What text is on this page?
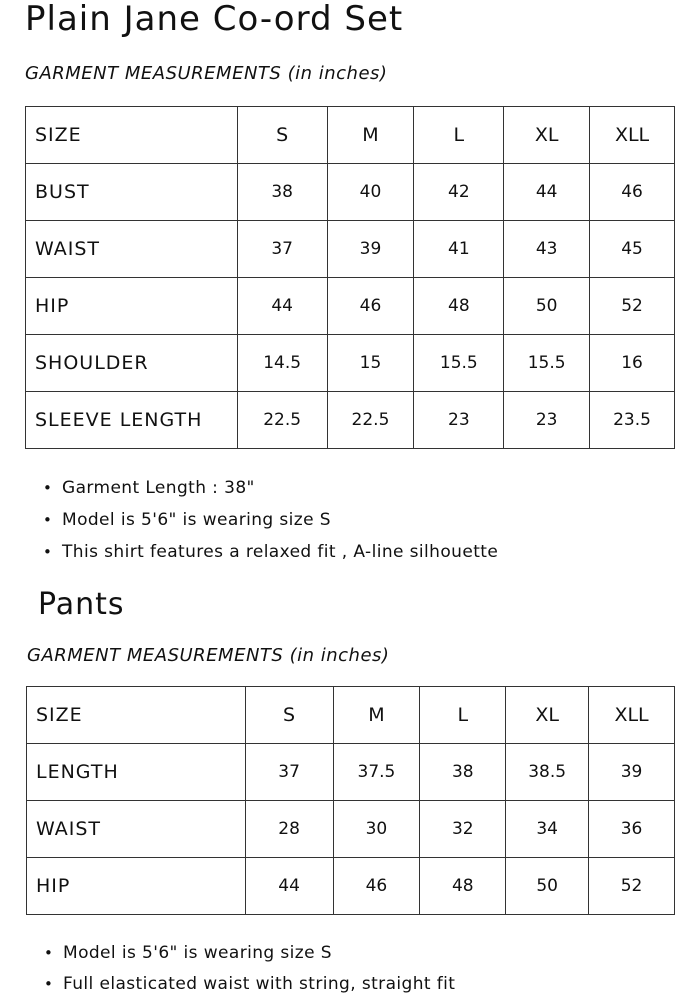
Plain Jane Co-ord Set
GARMENT MEASUREMENTS (in inches)
SIZE	S	M	L	XL	XLL
BUST	38	40	42	44	46
WAIST	37	39	41	43	45
HIP	44	46	48	50	52
SHOULDER	14.5	15	15.5	15.5	16
SLEEVE LENGTH	22.5	22.5	23	23	23.5
• Garment Length : 38"
• Model is 5'6" is wearing size S
• This shirt features a relaxed fit , A-line silhouette
Pants
GARMENT MEASUREMENTS (in inches)
SIZE	S	M	L	XL	XLL
LENGTH	37	37.5	38	38.5	39
WAIST	28	30	32	34	36
HIP	44	46	48	50	52
• Model is 5'6" is wearing size S
• Full elasticated waist with string, straight fit
